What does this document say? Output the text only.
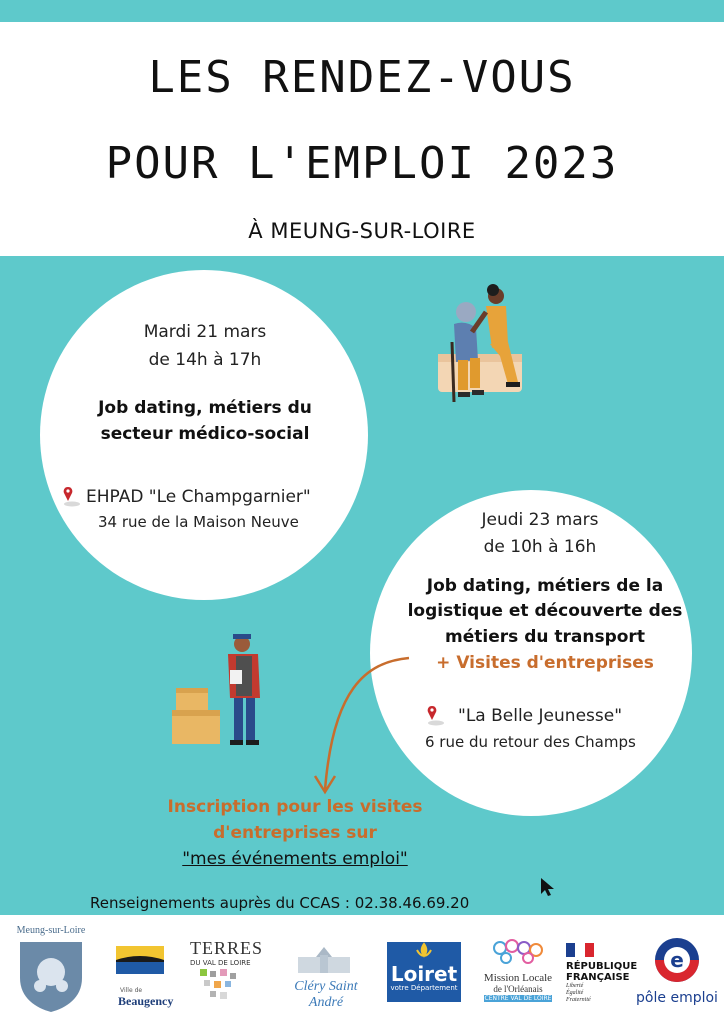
LES RENDEZ-VOUS
POUR L'EMPLOI 2023
À MEUNG-SUR-LOIRE
Mardi 21 mars
de 14h à 17h
Job dating, métiers du
secteur médico-social
EHPAD "Le Champgarnier"
34 rue de la Maison Neuve	Jeudi 23 mars
de 10h à 16h
Job dating, métiers de la
logistique et découverte des
métiers du transport
+ Visites d'entreprises
"La Belle Jeunesse"
6 rue du retour des Champs
Inscription pour les visites
d'entreprises sur
"mes événements emploi"
Renseignements auprès du CCAS : 02.38.46.69.20
Meung-sur-Loire
Ville de
Beaugency
TERRES
DU VAL DE LOIRE
Cléry Saint André
Loiret
votre Département
Mission Locale
de l'Orléanais
CENTRE VAL DE LOIRE
RÉPUBLIQUE
FRANÇAISE
Liberté
Égalité
Fraternité
e
pôle emploi
